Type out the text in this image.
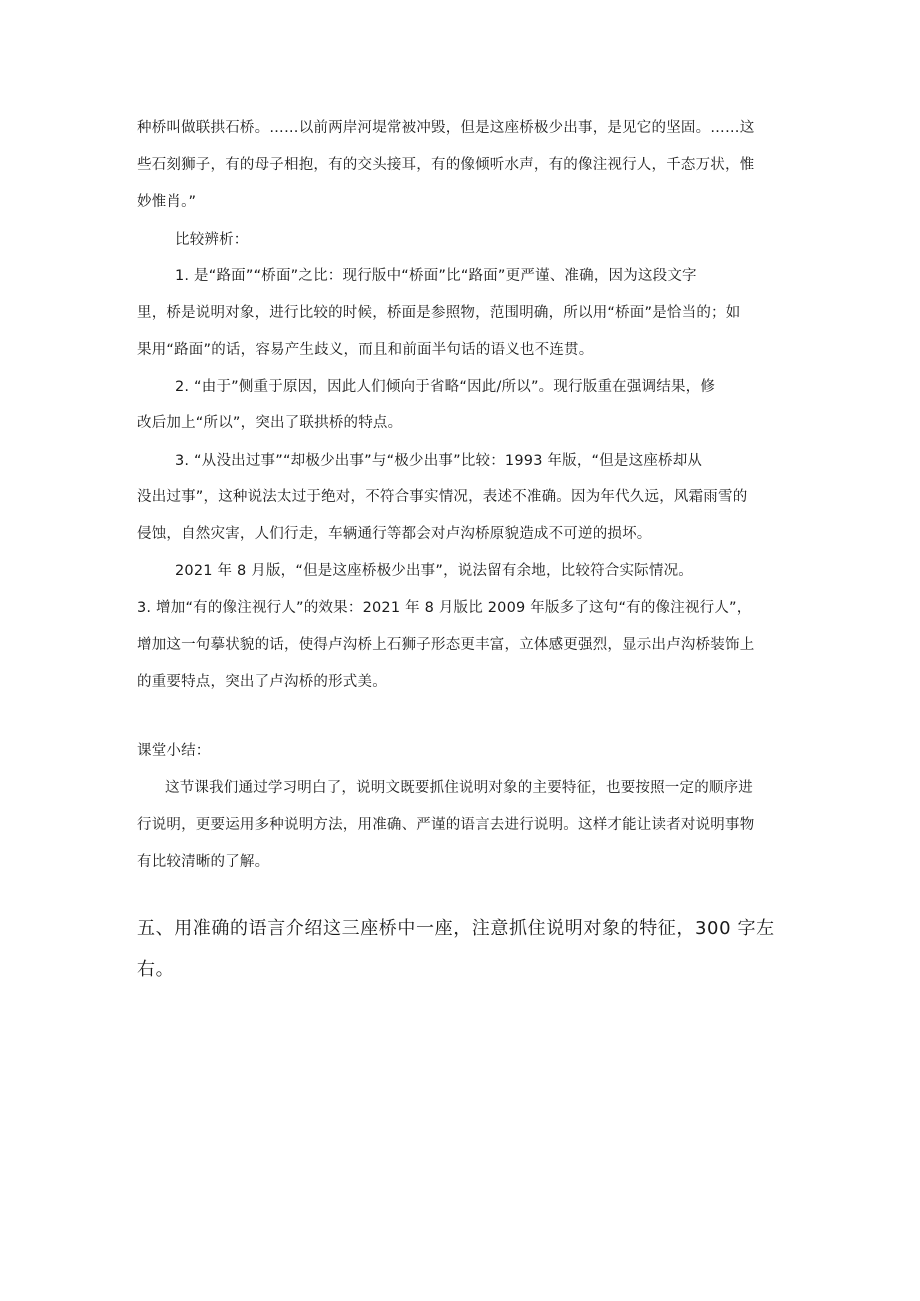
种桥叫做联拱石桥。……以前两岸河堤常被冲毁，但是这座桥极少出事，是见它的坚固。……这
些石刻狮子，有的母子相抱，有的交头接耳，有的像倾听水声，有的像注视行人，千态万状，惟
妙惟肖。”
比较辨析：
1. 是“路面”“桥面”之比：现行版中“桥面”比“路面”更严谨、准确，因为这段文字
里，桥是说明对象，进行比较的时候，桥面是参照物，范围明确，所以用“桥面”是恰当的；如
果用“路面”的话，容易产生歧义，而且和前面半句话的语义也不连贯。
2. “由于”侧重于原因，因此人们倾向于省略“因此/所以”。现行版重在强调结果，修
改后加上“所以”，突出了联拱桥的特点。
3. “从没出过事”“却极少出事”与“极少出事”比较：1993 年版，“但是这座桥却从
没出过事”，这种说法太过于绝对，不符合事实情况，表述不准确。因为年代久远，风霜雨雪的
侵蚀，自然灾害，人们行走，车辆通行等都会对卢沟桥原貌造成不可逆的损坏。
2021 年 8 月版，“但是这座桥极少出事”，说法留有余地，比较符合实际情况。
3. 增加“有的像注视行人”的效果：2021 年 8 月版比 2009 年版多了这句“有的像注视行人”，
增加这一句摹状貌的话，使得卢沟桥上石狮子形态更丰富，立体感更强烈，显示出卢沟桥装饰上
的重要特点，突出了卢沟桥的形式美。
课堂小结：
这节课我们通过学习明白了，说明文既要抓住说明对象的主要特征，也要按照一定的顺序进
行说明，更要运用多种说明方法，用准确、严谨的语言去进行说明。这样才能让读者对说明事物
有比较清晰的了解。
五、用准确的语言介绍这三座桥中一座，注意抓住说明对象的特征，300 字左
右。
